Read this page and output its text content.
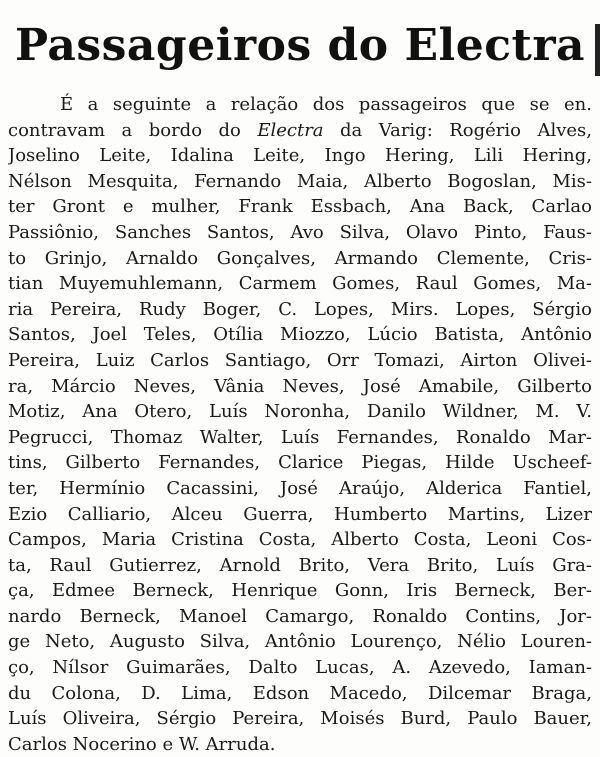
Passageiros do Electra
É a seguinte a relação dos passageiros que se en.
contravam a bordo do Electra da Varig: Rogério Alves,
Joselino Leite, Idalina Leite, Ingo Hering, Lili Hering,
Nélson Mesquita, Fernando Maia, Alberto Bogoslan, Mis-
ter Gront e mulher, Frank Essbach, Ana Back, Carlao
Passiônio, Sanches Santos, Avo Silva, Olavo Pinto, Faus-
to Grinjo, Arnaldo Gonçalves, Armando Clemente, Cris-
tian Muyemuhlemann, Carmem Gomes, Raul Gomes, Ma-
ria Pereira, Rudy Boger, C. Lopes, Mirs. Lopes, Sérgio
Santos, Joel Teles, Otília Miozzo, Lúcio Batista, Antônio
Pereira, Luiz Carlos Santiago, Orr Tomazi, Airton Olivei-
ra, Márcio Neves, Vânia Neves, José Amabile, Gilberto
Motiz, Ana Otero, Luís Noronha, Danilo Wildner, M. V.
Pegrucci, Thomaz Walter, Luís Fernandes, Ronaldo Mar-
tins, Gilberto Fernandes, Clarice Piegas, Hilde Uscheef-
ter, Hermínio Cacassini, José Araújo, Alderica Fantiel,
Ezio Calliario, Alceu Guerra, Humberto Martins, Lizer
Campos, Maria Cristina Costa, Alberto Costa, Leoni Cos-
ta, Raul Gutierrez, Arnold Brito, Vera Brito, Luís Gra-
ça, Edmee Berneck, Henrique Gonn, Iris Berneck, Ber-
nardo Berneck, Manoel Camargo, Ronaldo Contins, Jor-
ge Neto, Augusto Silva, Antônio Lourenço, Nélio Louren-
ço, Nílsor Guimarães, Dalto Lucas, A. Azevedo, Iaman-
du Colona, D. Lima, Edson Macedo, Dilcemar Braga,
Luís Oliveira, Sérgio Pereira, Moisés Burd, Paulo Bauer,
Carlos Nocerino e W. Arruda.
